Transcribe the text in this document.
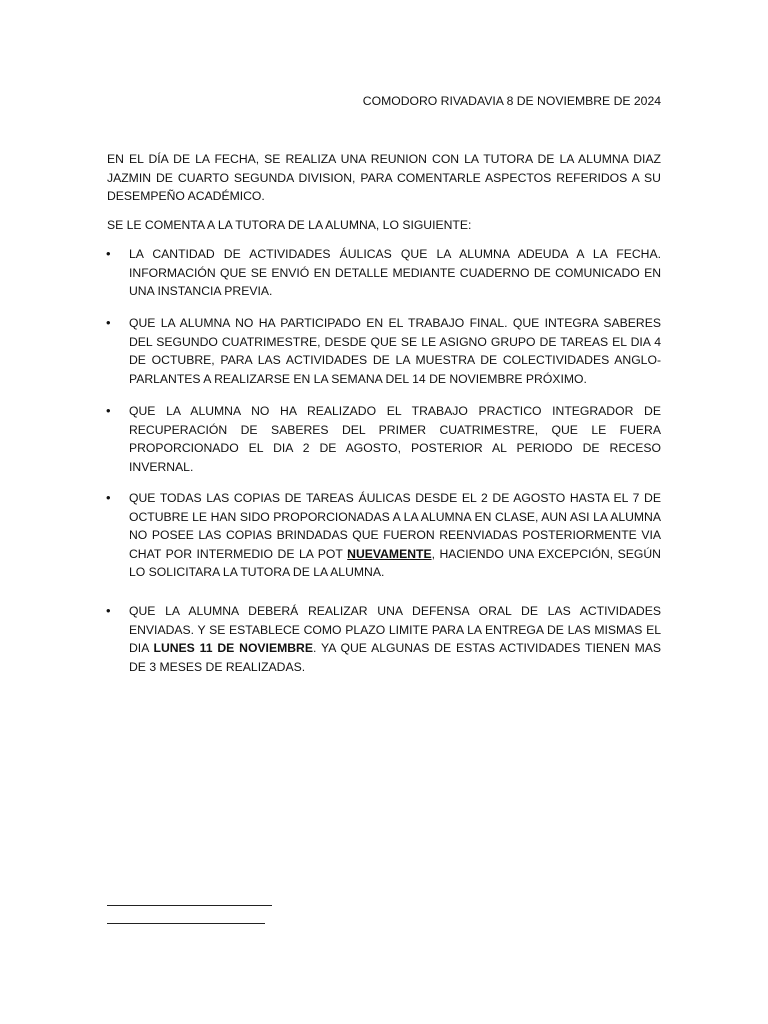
COMODORO RIVADAVIA 8 DE NOVIEMBRE DE 2024
EN EL DÍA DE LA FECHA, SE REALIZA UNA REUNION CON LA TUTORA DE LA ALUMNA DIAZ JAZMIN DE CUARTO SEGUNDA DIVISION, PARA COMENTARLE ASPECTOS REFERIDOS A SU DESEMPEÑO ACADÉMICO.
SE LE COMENTA A LA TUTORA DE LA ALUMNA, LO SIGUIENTE:
• LA CANTIDAD DE ACTIVIDADES ÁULICAS QUE LA ALUMNA ADEUDA A LA FECHA. INFORMACIÓN QUE SE ENVIÓ EN DETALLE MEDIANTE CUADERNO DE COMUNICADO EN UNA INSTANCIA PREVIA.
• QUE LA ALUMNA NO HA PARTICIPADO EN EL TRABAJO FINAL. QUE INTEGRA SABERES DEL SEGUNDO CUATRIMESTRE, DESDE QUE SE LE ASIGNO GRUPO DE TAREAS EL DIA 4 DE OCTUBRE, PARA LAS ACTIVIDADES DE LA MUESTRA DE COLECTIVIDADES ANGLO-PARLANTES A REALIZARSE EN LA SEMANA DEL 14 DE NOVIEMBRE PRÓXIMO.
• QUE LA ALUMNA NO HA REALIZADO EL TRABAJO PRACTICO INTEGRADOR DE RECUPERACIÓN DE SABERES DEL PRIMER CUATRIMESTRE, QUE LE FUERA PROPORCIONADO EL DIA 2 DE AGOSTO, POSTERIOR AL PERIODO DE RECESO INVERNAL.
• QUE TODAS LAS COPIAS DE TAREAS ÁULICAS DESDE EL 2 DE AGOSTO HASTA EL 7 DE OCTUBRE LE HAN SIDO PROPORCIONADAS A LA ALUMNA EN CLASE, AUN ASI LA ALUMNA NO POSEE LAS COPIAS BRINDADAS QUE FUERON REENVIADAS POSTERIORMENTE VIA CHAT POR INTERMEDIO DE LA POT NUEVAMENTE, HACIENDO UNA EXCEPCIÓN, SEGÚN LO SOLICITARA LA TUTORA DE LA ALUMNA.
• QUE LA ALUMNA DEBERÁ REALIZAR UNA DEFENSA ORAL DE LAS ACTIVIDADES ENVIADAS. Y SE ESTABLECE COMO PLAZO LIMITE PARA LA ENTREGA DE LAS MISMAS EL DIA LUNES 11 DE NOVIEMBRE. YA QUE ALGUNAS DE ESTAS ACTIVIDADES TIENEN MAS DE 3 MESES DE REALIZADAS.
